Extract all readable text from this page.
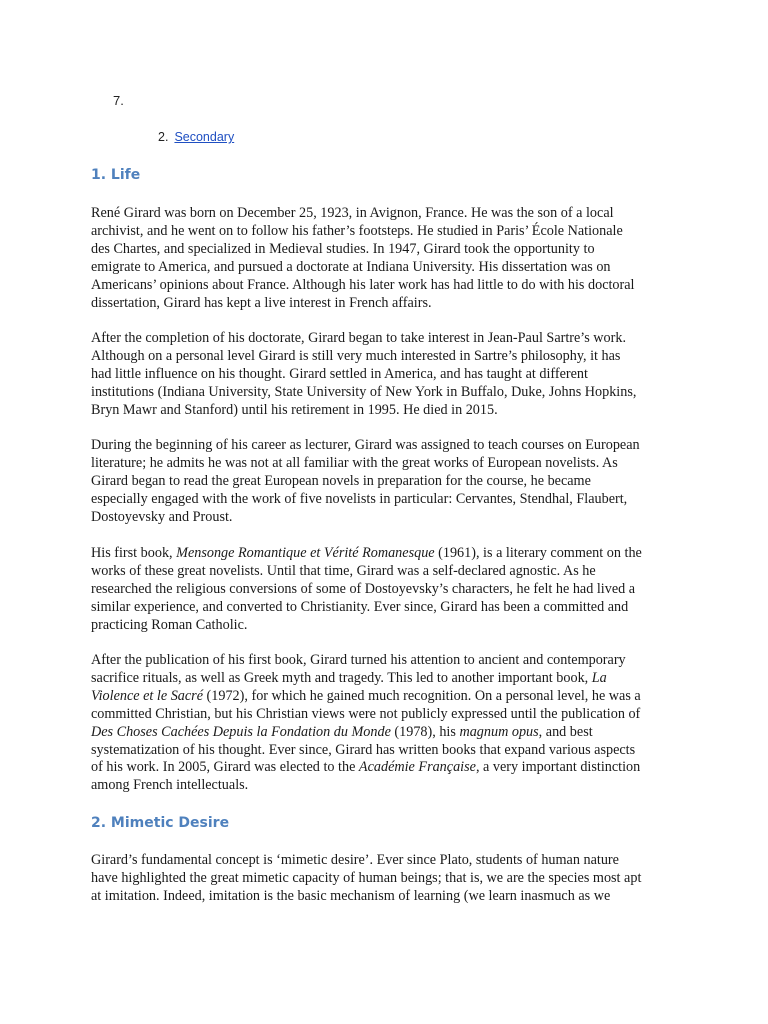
7.
2. Secondary
1. Life

René Girard was born on December 25, 1923, in Avignon, France. He was the son of a local
archivist, and he went on to follow his father’s footsteps. He studied in Paris’ École Nationale
des Chartes, and specialized in Medieval studies. In 1947, Girard took the opportunity to
emigrate to America, and pursued a doctorate at Indiana University. His dissertation was on
Americans’ opinions about France. Although his later work has had little to do with his doctoral
dissertation, Girard has kept a live interest in French affairs.

After the completion of his doctorate, Girard began to take interest in Jean-Paul Sartre’s work.
Although on a personal level Girard is still very much interested in Sartre’s philosophy, it has
had little influence on his thought. Girard settled in America, and has taught at different
institutions (Indiana University, State University of New York in Buffalo, Duke, Johns Hopkins,
Bryn Mawr and Stanford) until his retirement in 1995. He died in 2015.

During the beginning of his career as lecturer, Girard was assigned to teach courses on European
literature; he admits he was not at all familiar with the great works of European novelists. As
Girard began to read the great European novels in preparation for the course, he became
especially engaged with the work of five novelists in particular: Cervantes, Stendhal, Flaubert,
Dostoyevsky and Proust.

His first book, Mensonge Romantique et Vérité Romanesque (1961), is a literary comment on the
works of these great novelists. Until that time, Girard was a self-declared agnostic. As he
researched the religious conversions of some of Dostoyevsky’s characters, he felt he had lived a
similar experience, and converted to Christianity. Ever since, Girard has been a committed and
practicing Roman Catholic.

After the publication of his first book, Girard turned his attention to ancient and contemporary
sacrifice rituals, as well as Greek myth and tragedy. This led to another important book, La
Violence et le Sacré (1972), for which he gained much recognition. On a personal level, he was a
committed Christian, but his Christian views were not publicly expressed until the publication of
Des Choses Cachées Depuis la Fondation du Monde (1978), his magnum opus, and best
systematization of his thought. Ever since, Girard has written books that expand various aspects
of his work. In 2005, Girard was elected to the Académie Française, a very important distinction
among French intellectuals.

2. Mimetic Desire

Girard’s fundamental concept is ‘mimetic desire’. Ever since Plato, students of human nature
have highlighted the great mimetic capacity of human beings; that is, we are the species most apt
at imitation. Indeed, imitation is the basic mechanism of learning (we learn inasmuch as we
